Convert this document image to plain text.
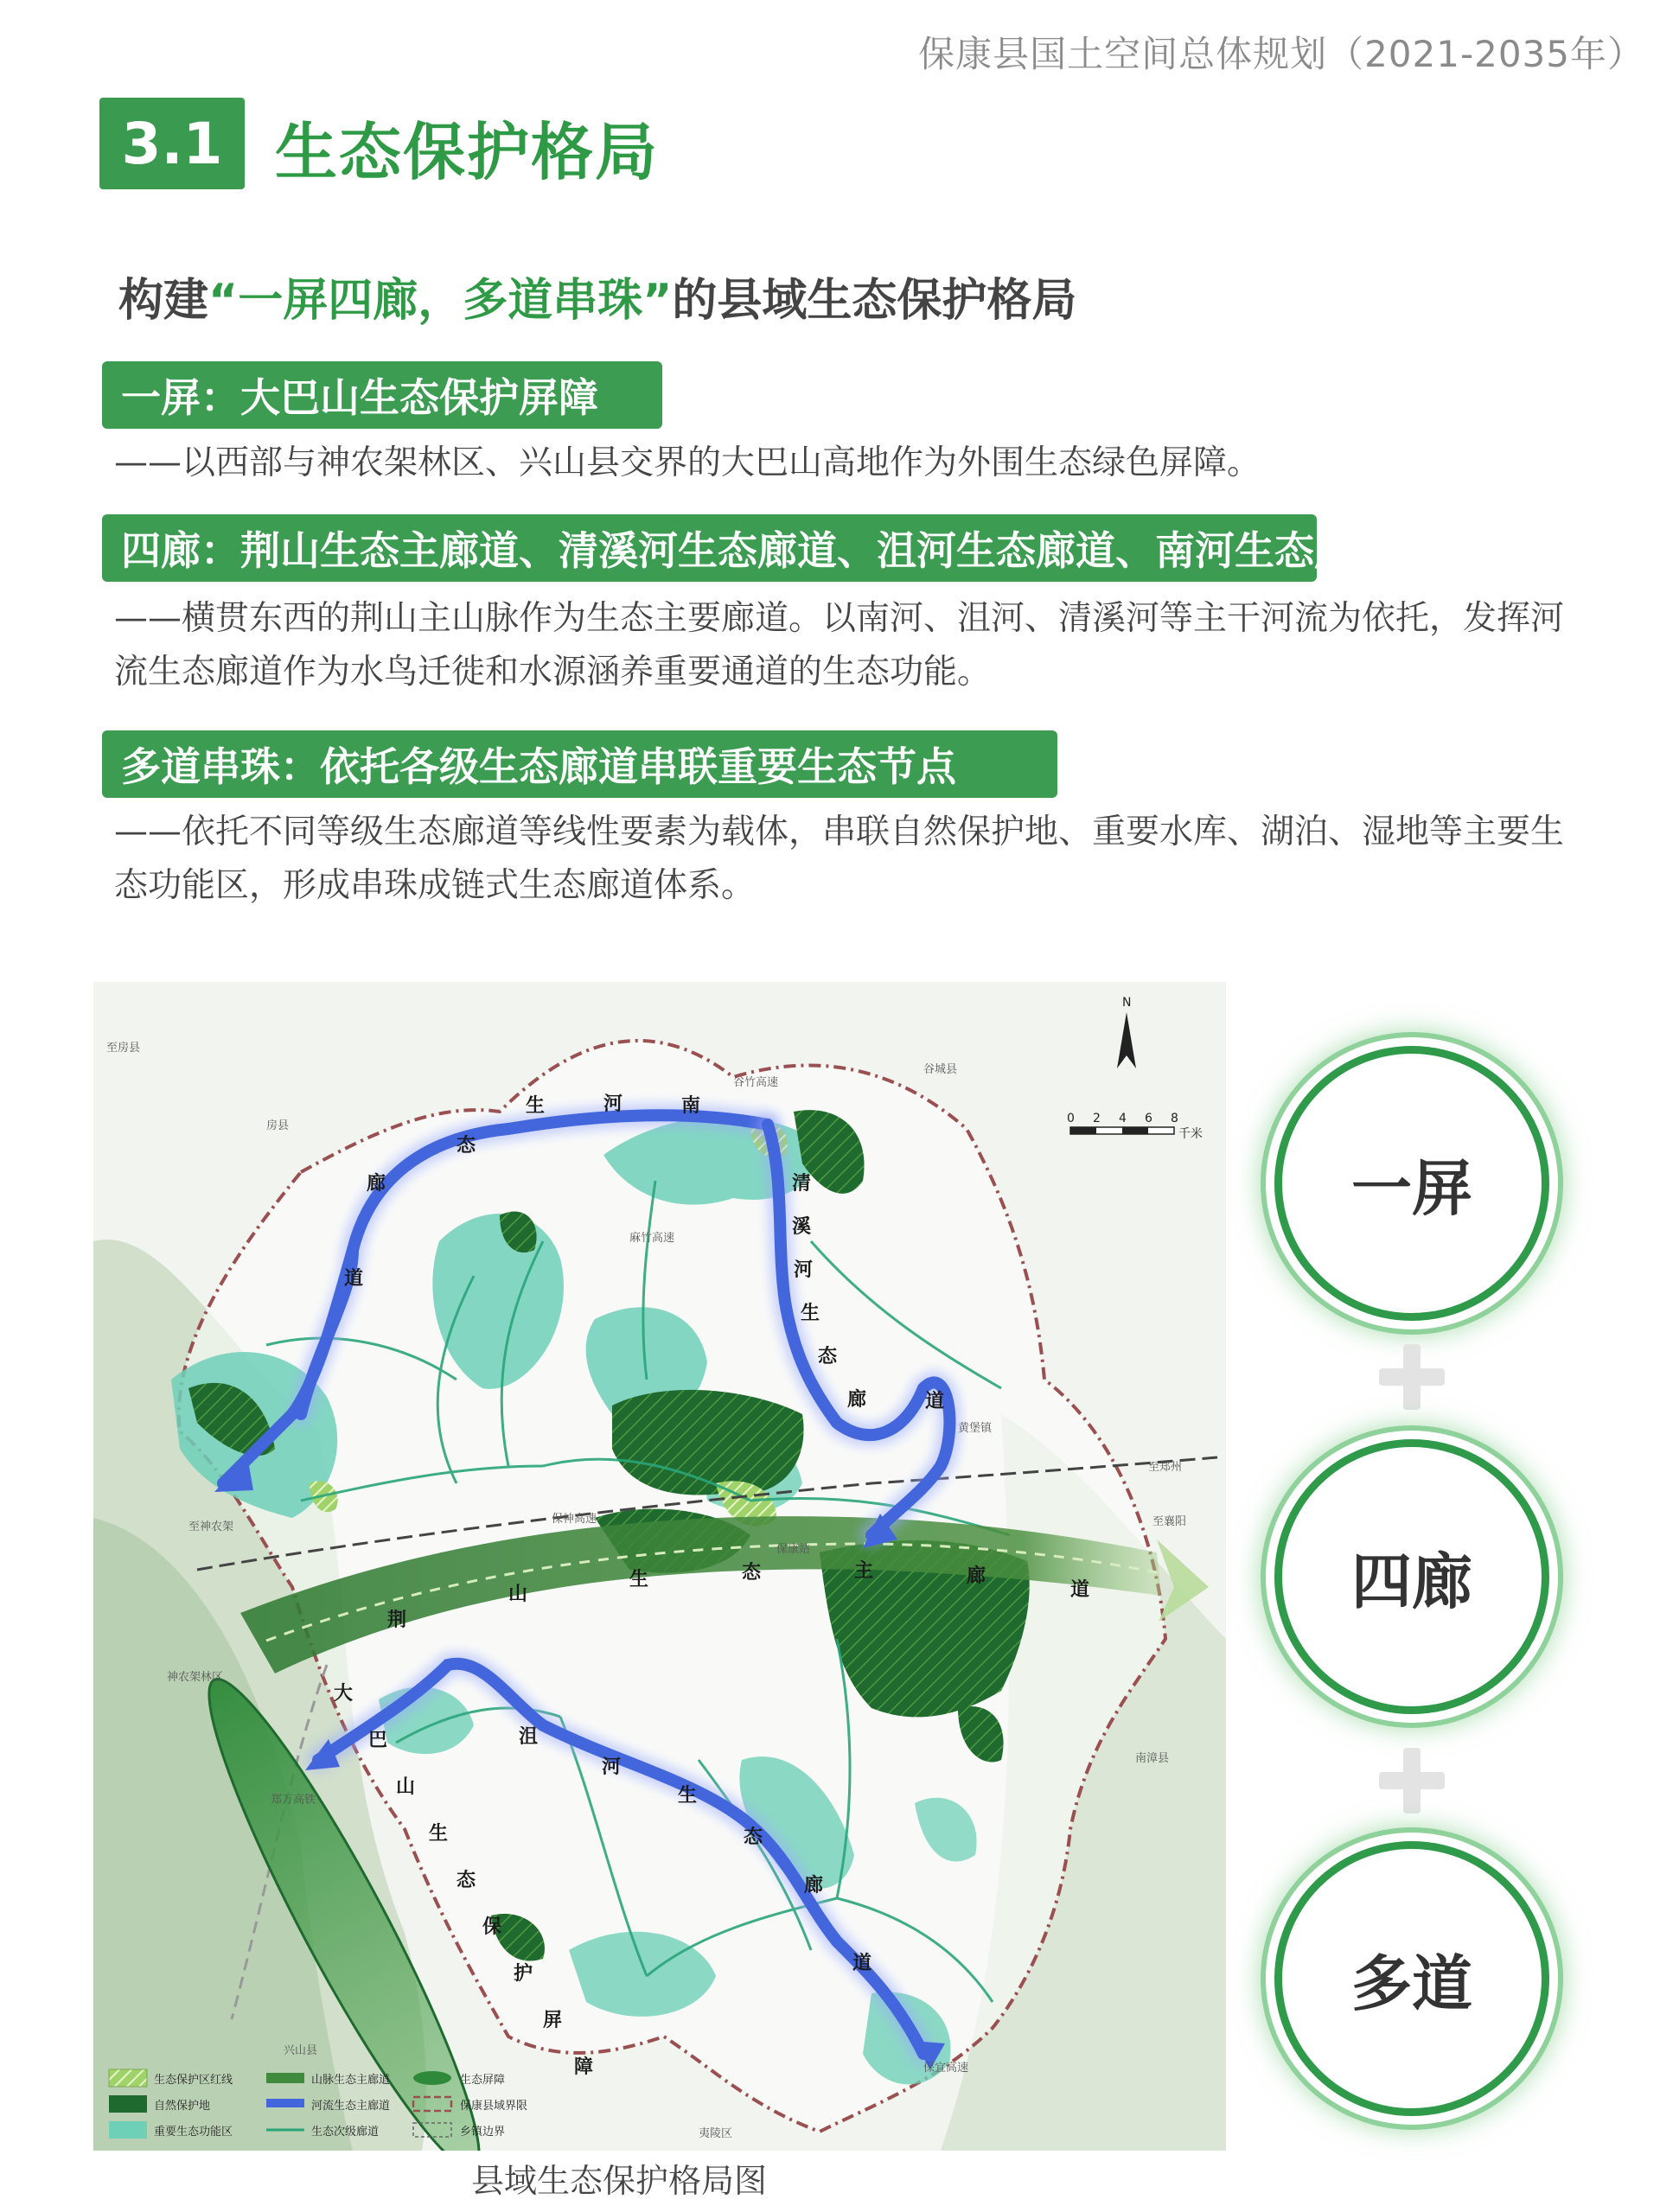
保康县国土空间总体规划（2021-2035年）
3.1 生态保护格局
构建“一屏四廊，多道串珠”的县域生态保护格局
一屏：大巴山生态保护屏障
——以西部与神农架林区、兴山县交界的大巴山高地作为外围生态绿色屏障。
四廊：荆山生态主廊道、清溪河生态廊道、沮河生态廊道、南河生态廊道
——横贯东西的荆山主山脉作为生态主要廊道。以南河、沮河、清溪河等主干河流为依托，发挥河流生态廊道作为水鸟迁徙和水源涵养重要通道的生态功能。
多道串珠：依托各级生态廊道串联重要生态节点
——依托不同等级生态廊道等线性要素为载体，串联自然保护地、重要水库、湖泊、湿地等主要生态功能区，形成串珠成链式生态廊道体系。
荆
山
生	态	主	廊
道
南
河
生
态
廊
道
清
溪
河
生
态
廊	道
沮
河
生
态
廊
道
大
巴
山
生
态
保
护
屏
障
至房县
房县
谷城县
谷竹高速
麻竹高速
至神农架
神农架林区
保神高速
保康站
至郑州
至襄阳
南漳县
郑万高铁
兴山县
夷陵区
保宜高速
黄堡镇
N
0 2 4 6 8
千米
生态保护区红线
自然保护地
重要生态功能区
山脉生态主廊道
河流生态主廊道
生态次级廊道
生态屏障
保康县域界限
乡镇边界
县域生态保护格局图
一屏
四廊
多道
